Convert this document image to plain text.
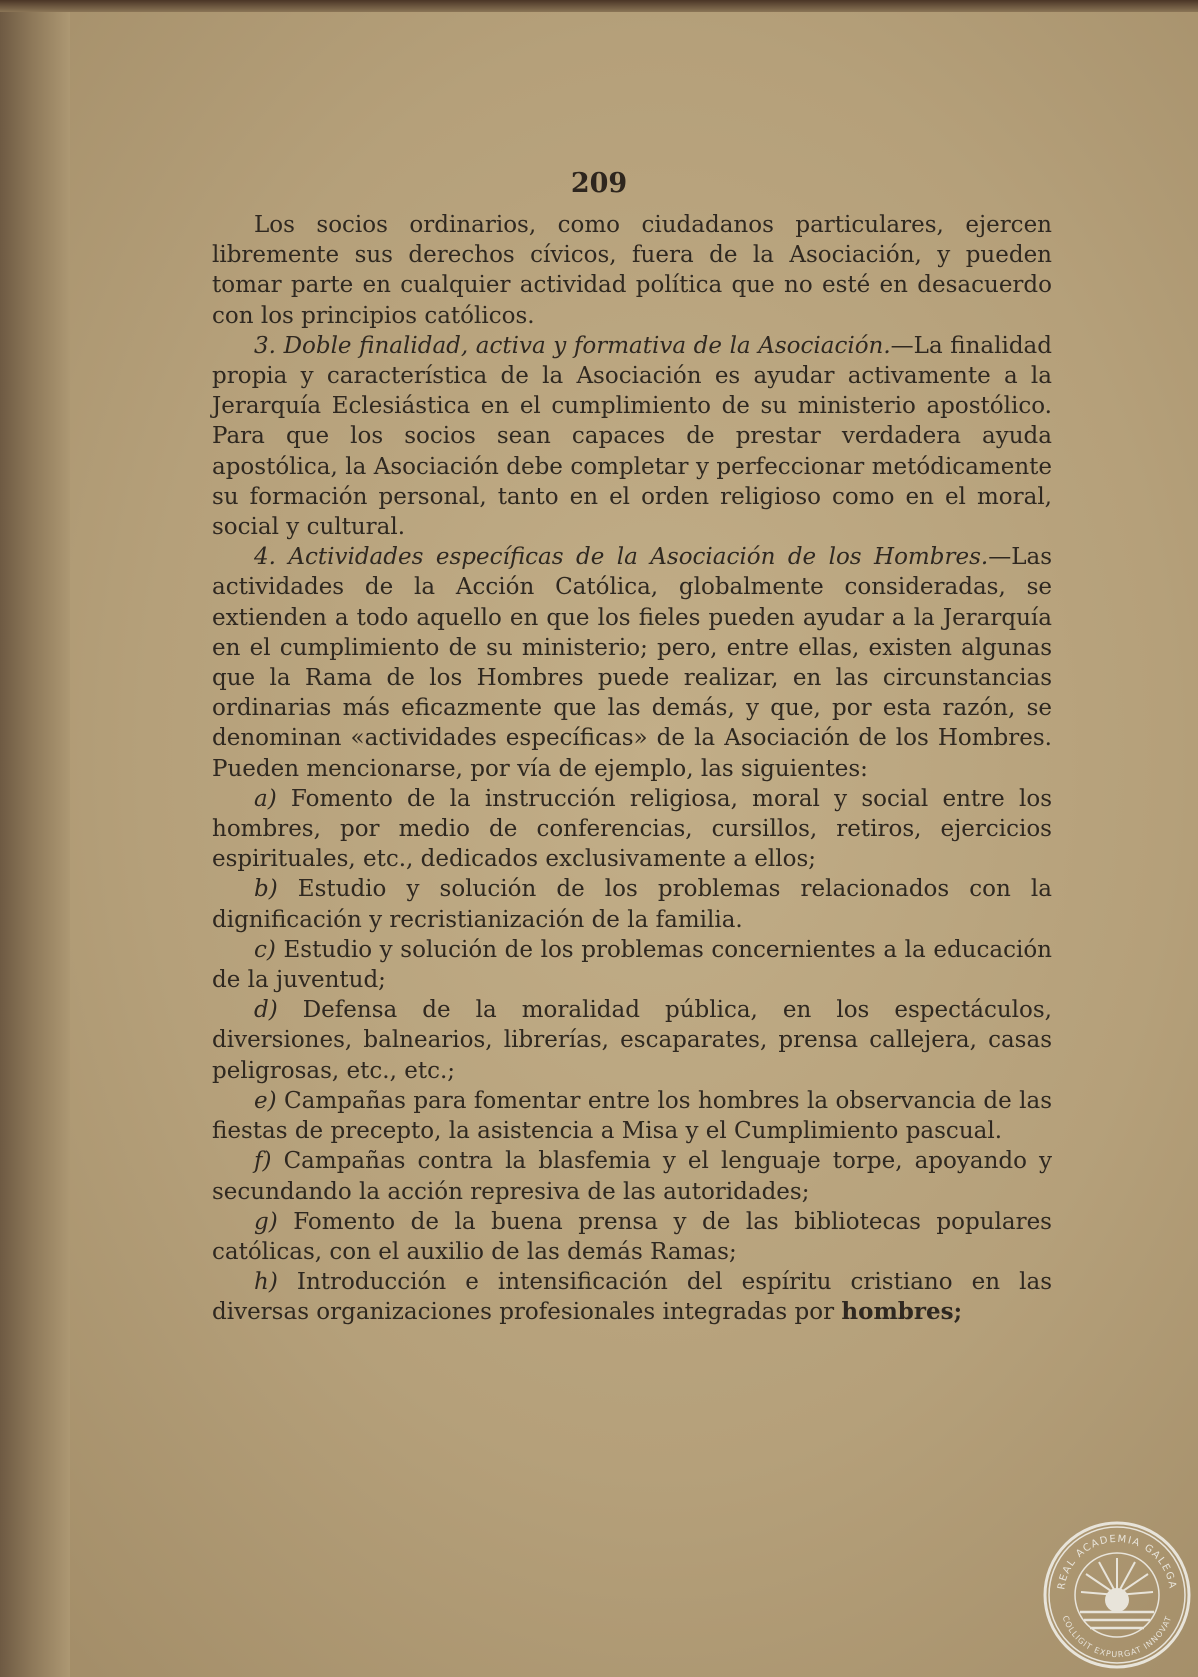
209

Los socios ordinarios, como ciudadanos particulares, ejercen libremente sus derechos cívicos, fuera de la Asociación, y pueden tomar parte en cualquier actividad política que no esté en desacuerdo con los principios católicos.

3. Doble finalidad, activa y formativa de la Asociación.—La finalidad propia y característica de la Asociación es ayudar activamente a la Jerarquía Eclesiástica en el cumplimiento de su ministerio apostólico. Para que los socios sean capaces de prestar verdadera ayuda apostólica, la Asociación debe completar y perfeccionar metódicamente su formación personal, tanto en el orden religioso como en el moral, social y cultural.

4. Actividades específicas de la Asociación de los Hombres.—Las actividades de la Acción Católica, globalmente consideradas, se extienden a todo aquello en que los fieles pueden ayudar a la Jerarquía en el cumplimiento de su ministerio; pero, entre ellas, existen algunas que la Rama de los Hombres puede realizar, en las circunstancias ordinarias más eficazmente que las demás, y que, por esta razón, se denominan «actividades específicas» de la Asociación de los Hombres. Pueden mencionarse, por vía de ejemplo, las siguientes:

a) Fomento de la instrucción religiosa, moral y social entre los hombres, por medio de conferencias, cursillos, retiros, ejercicios espirituales, etc., dedicados exclusivamente a ellos;

b) Estudio y solución de los problemas relacionados con la dignificación y recristianización de la familia.

c) Estudio y solución de los problemas concernientes a la educación de la juventud;

d) Defensa de la moralidad pública, en los espectáculos, diversiones, balnearios, librerías, escaparates, prensa callejera, casas peligrosas, etc., etc.;

e) Campañas para fomentar entre los hombres la observancia de las fiestas de precepto, la asistencia a Misa y el Cumplimiento pascual.

f) Campañas contra la blasfemia y el lenguaje torpe, apoyando y secundando la acción represiva de las autoridades;

g) Fomento de la buena prensa y de las bibliotecas populares católicas, con el auxilio de las demás Ramas;

h) Introducción e intensificación del espíritu cristiano en las diversas organizaciones profesionales integradas por hombres;

REAL ACADEMIA GALEGA
COLLIGIT EXPURGAT INNOVAT
